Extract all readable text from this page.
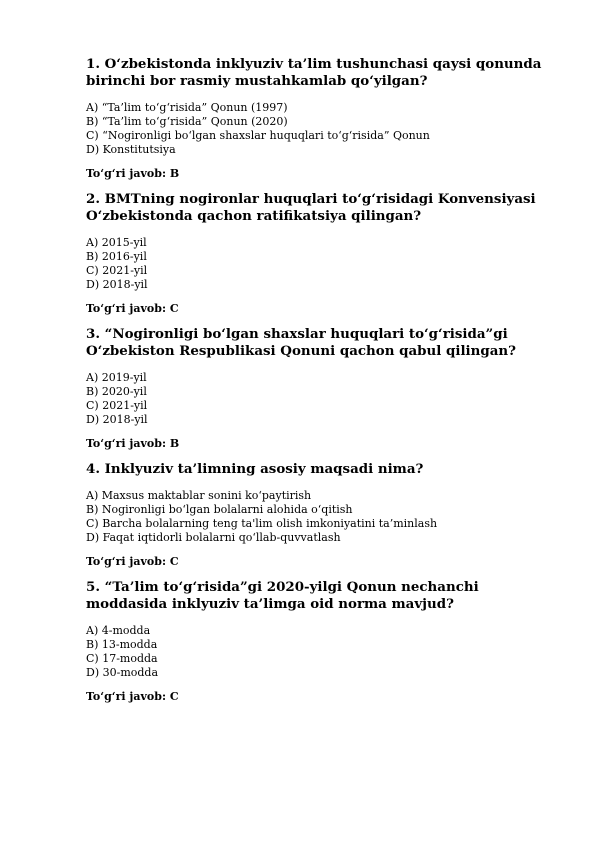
1. O‘zbekistonda inklyuziv ta’lim tushunchasi qaysi qonunda birinchi bor rasmiy mustahkamlab qo‘yilgan?

A) “Ta’lim to‘g‘risida” Qonun (1997)
B) “Ta’lim to‘g‘risida” Qonun (2020)
C) “Nogironligi bo‘lgan shaxslar huquqlari to‘g‘risida” Qonun
D) Konstitutsiya

To‘g‘ri javob: B

2. BMTning nogironlar huquqlari to‘g‘risidagi Konvensiyasi O‘zbekistonda qachon ratifikatsiya qilingan?

A) 2015-yil
B) 2016-yil
C) 2021-yil
D) 2018-yil

To‘g‘ri javob: C

3. “Nogironligi bo‘lgan shaxslar huquqlari to‘g‘risida”gi O‘zbekiston Respublikasi Qonuni qachon qabul qilingan?

A) 2019-yil
B) 2020-yil
C) 2021-yil
D) 2018-yil

To‘g‘ri javob: B

4. Inklyuziv ta’limning asosiy maqsadi nima?

A) Maxsus maktablar sonini ko‘paytirish
B) Nogironligi bo‘lgan bolalarni alohida o‘qitish
C) Barcha bolalarning teng ta'lim olish imkoniyatini ta’minlash
D) Faqat iqtidorli bolalarni qo‘llab-quvvatlash

To‘g‘ri javob: C

5. “Ta’lim to‘g‘risida”gi 2020-yilgi Qonun nechanchi moddasida inklyuziv ta’limga oid norma mavjud?

A) 4-modda
B) 13-modda
C) 17-modda
D) 30-modda

To‘g‘ri javob: C
